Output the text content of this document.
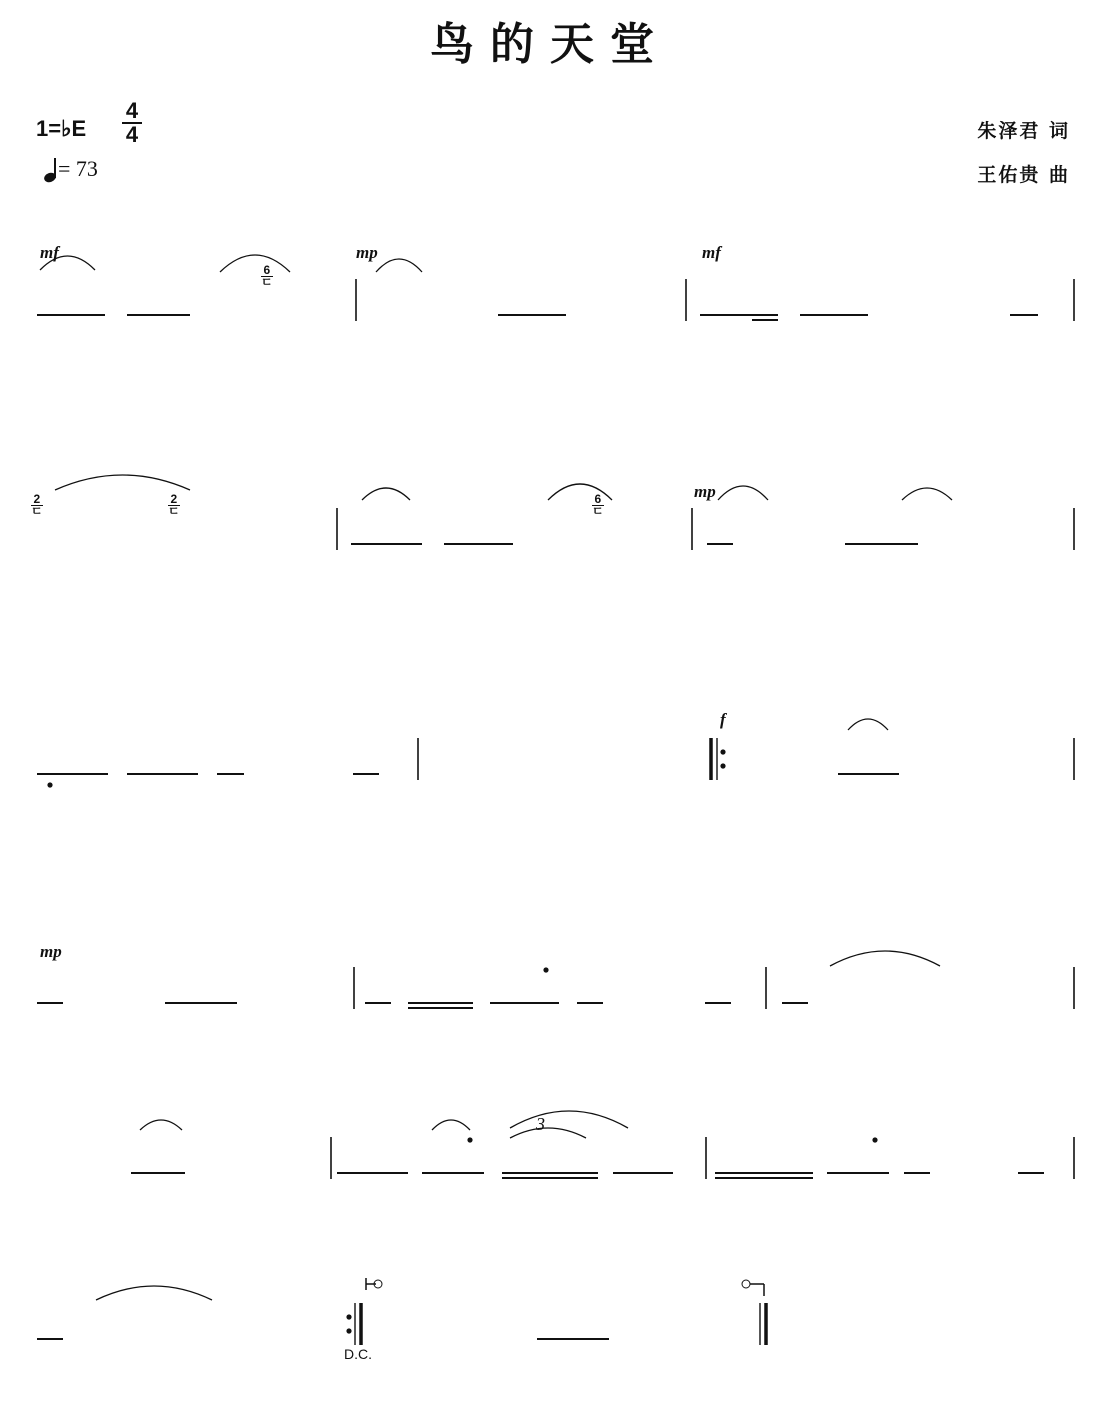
鸟的天堂
1=♭E
4
4
= 73
朱泽君 词
王佑贵 曲
mf	mp	mf
mp
f
mp
6
ㄷ
2
ㄷ
2
ㄷ
6
ㄷ
3
D.C.
